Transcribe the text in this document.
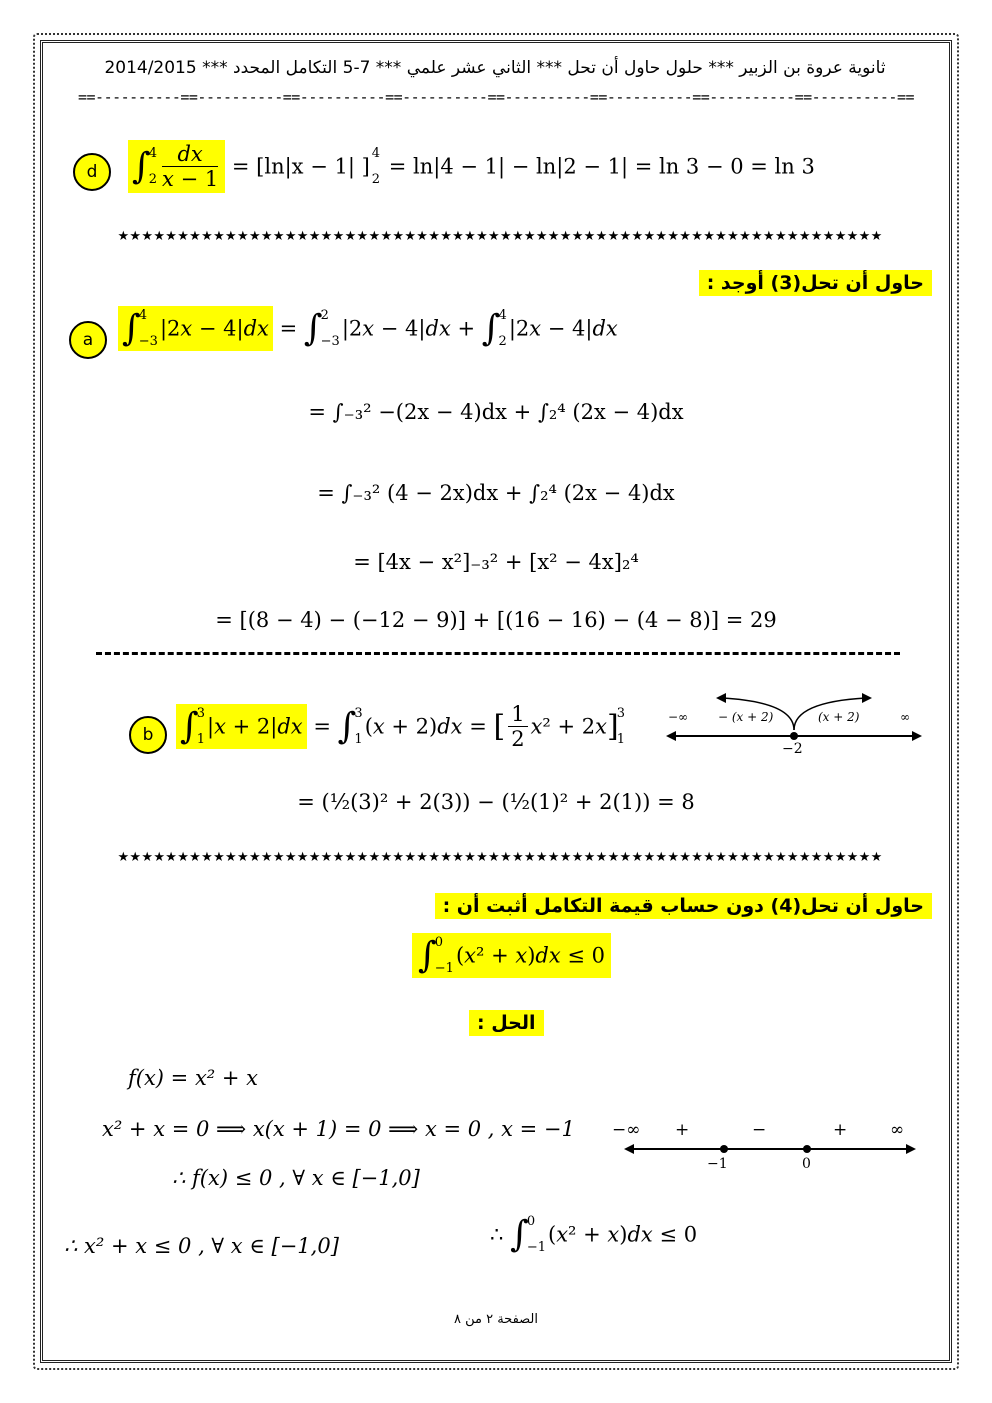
ثانوية عروة بن الزبير *** حلول حاول أن تحل *** الثاني عشر علمي *** 7-5 التكامل المحدد *** 2014/2015
==----------==----------==----------==----------==----------==----------==----------==----------==
d ∫
4

$2 \frac{dx}{x - 1} = [\ln|x - 1|$ ]
4

2
= ln|4 − 1| − ln|2 − 1| = ln 3 − 0 = ln 3
★★★★★★★★★★★★★★★★★★★★★★★★★★★★★★★★★★★★★★★★★★★★★★★★★★★★★★★★★★★★★★★★
حاول أن تحل(3) أوجد :
a ∫
4

−3
|2x − 4|dx = ∫
2

−3
|2x − 4|dx + ∫
4

2
|2x − 4|dx
= ∫₋₃² −(2x − 4)dx + ∫₂⁴ (2x − 4)dx
= ∫₋₃² (4 − 2x)dx + ∫₂⁴ (2x − 4)dx
= [4x − x²]₋₃² + [x² − 4x]₂⁴
= [(8 − 4) − (−12 − 9)] + [(16 − 16) − (4 − 8)] = 29
b ∫
3

1
|x + 2|dx = ∫
3

1
(x + 2)dx = [ $\frac{1}{2} x^2 + 2x$]
3

1
= (½(3)² + 2(3)) − (½(1)² + 2(1)) = 8
−∞ − (x + 2)	(x + 2)	∞
−2
★★★★★★★★★★★★★★★★★★★★★★★★★★★★★★★★★★★★★★★★★★★★★★★★★★★★★★★★★★★★★★★★
حاول أن تحل(4) دون حساب قيمة التكامل أثبت أن :
∫
0

−1
(x² + x)dx ≤ 0
الحل :
f(x) = x² + x
x² + x = 0 ⟹ x(x + 1) = 0 ⟹ x = 0 , x = −1
∴ f(x) ≤ 0 , ∀ x ∈ [−1,0]
∴ x² + x ≤ 0 , ∀ x ∈ [−1,0]	∴ ∫
0

−1
(x² + x)dx ≤ 0
−∞ +	−	+	∞
−1	0
الصفحة ٢ من ٨
